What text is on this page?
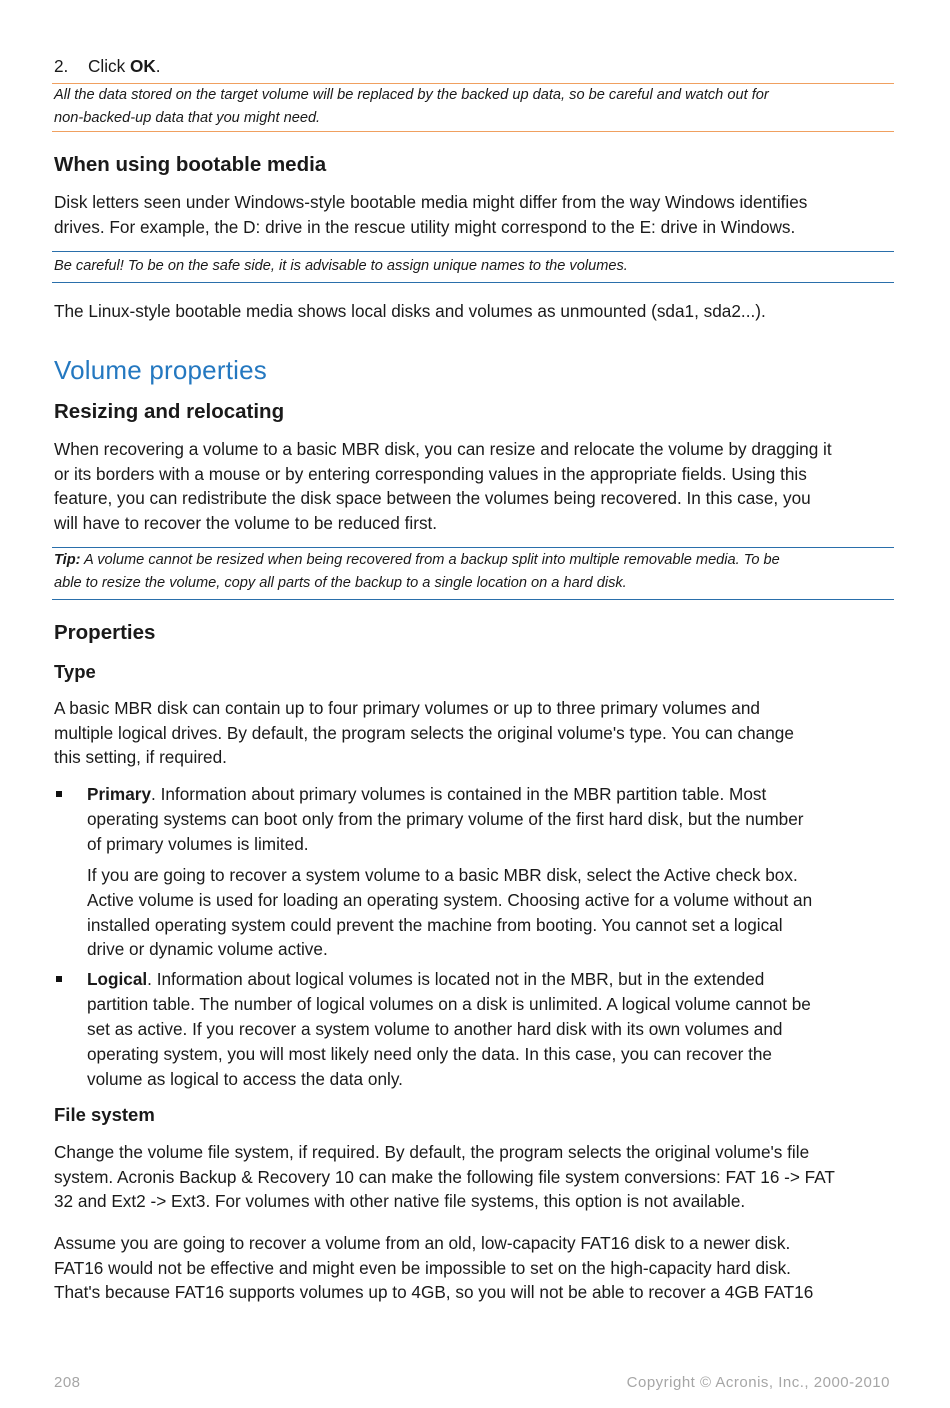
2. Click OK.
All the data stored on the target volume will be replaced by the backed up data, so be careful and watch out for
non-backed-up data that you might need.
When using bootable media
Disk letters seen under Windows-style bootable media might differ from the way Windows identifies
drives. For example, the D: drive in the rescue utility might correspond to the E: drive in Windows.
Be careful! To be on the safe side, it is advisable to assign unique names to the volumes.
The Linux-style bootable media shows local disks and volumes as unmounted (sda1, sda2...).
Volume properties
Resizing and relocating
When recovering a volume to a basic MBR disk, you can resize and relocate the volume by dragging it
or its borders with a mouse or by entering corresponding values in the appropriate fields. Using this
feature, you can redistribute the disk space between the volumes being recovered. In this case, you
will have to recover the volume to be reduced first.
Tip: A volume cannot be resized when being recovered from a backup split into multiple removable media. To be
able to resize the volume, copy all parts of the backup to a single location on a hard disk.
Properties
Type
A basic MBR disk can contain up to four primary volumes or up to three primary volumes and
multiple logical drives. By default, the program selects the original volume's type. You can change
this setting, if required.

Primary. Information about primary volumes is contained in the MBR partition table. Most
operating systems can boot only from the primary volume of the first hard disk, but the number
of primary volumes is limited.

If you are going to recover a system volume to a basic MBR disk, select the Active check box.
Active volume is used for loading an operating system. Choosing active for a volume without an
installed operating system could prevent the machine from booting. You cannot set a logical
drive or dynamic volume active.

Logical. Information about logical volumes is located not in the MBR, but in the extended
partition table. The number of logical volumes on a disk is unlimited. A logical volume cannot be
set as active. If you recover a system volume to another hard disk with its own volumes and
operating system, you will most likely need only the data. In this case, you can recover the
volume as logical to access the data only.

File system
Change the volume file system, if required. By default, the program selects the original volume's file
system. Acronis Backup & Recovery 10 can make the following file system conversions: FAT 16 -> FAT
32 and Ext2 -> Ext3. For volumes with other native file systems, this option is not available.
Assume you are going to recover a volume from an old, low-capacity FAT16 disk to a newer disk.
FAT16 would not be effective and might even be impossible to set on the high-capacity hard disk.
That's because FAT16 supports volumes up to 4GB, so you will not be able to recover a 4GB FAT16
208	Copyright © Acronis, Inc., 2000-2010
